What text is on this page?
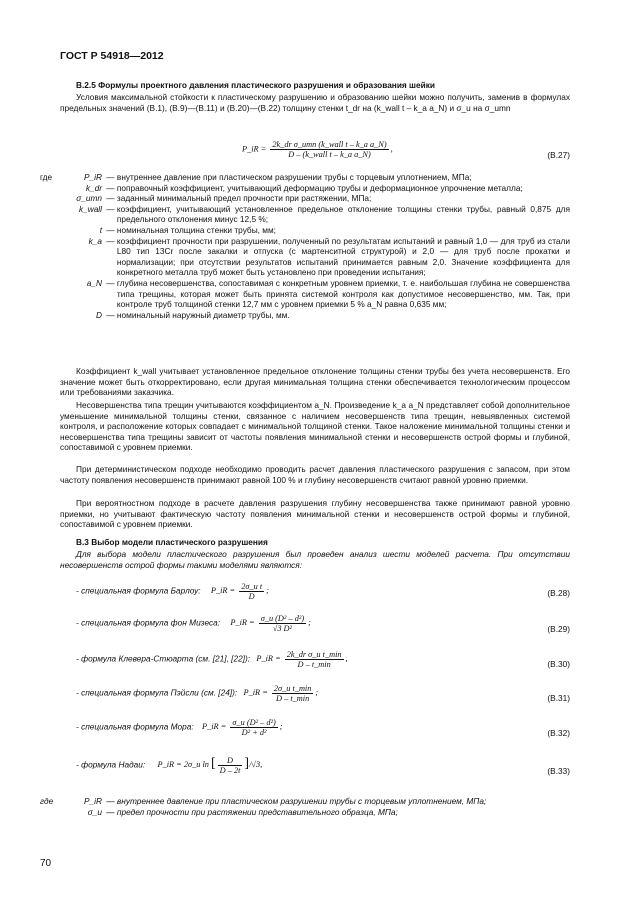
ГОСТ Р 54918—2012
В.2.5 Формулы проектного давления пластического разрушения и образования шейки
Условия максимальной стойкости к пластическому разрушению и образованию шейки можно получить, заменив в формулах предельных значений (В.1), (В.9)—(В.11) и (В.20)—(В.22) толщину стенки t_dr на (k_wall t – k_a a_N) и σ_u на σ_umn
P_iR = $\frac{\text{2k\_dr σ\_umn (k\_wall t – k\_a a\_N)}}{\text{D – (k\_wall t – k\_a a\_N)}}$ ,
(В.27)
где	P_iR — внутреннее давление при пластическом разрушении трубы с торцевым уплотнением, МПа;
k_dr — поправочный коэффициент, учитывающий деформацию трубы и деформационное упрочнение металла;
σ_umn — заданный минимальный предел прочности при растяжении, МПа;
k_wall — коэффициент, учитывающий установленное предельное отклонение толщины стенки трубы, равный 0,875 для предельного отклонения минус 12,5 %;
t — номинальная толщина стенки трубы, мм;
k_a — коэффициент прочности при разрушении, полученный по результатам испытаний и равный 1,0 — для труб из стали L80 тип 13Cr после закалки и отпуска (с мартенситной структурой) и 2,0 — для труб после прокатки и нормализации; при отсутствии результатов испытаний принимается равным 2,0. Значение коэффициента для конкретного металла труб может быть установлено при проведении испытания;
a_N — глубина несовершенства, сопоставимая с конкретным уровнем приемки, т. е. наибольшая глубина не совершенства типа трещины, которая может быть принята системой контроля как допустимое несовершенство, мм. Так, при контроле труб толщиной стенки 12,7 мм с уровнем приемки 5 % a_N равна 0,635 мм;
D — номинальный наружный диаметр трубы, мм.
Коэффициент k_wall учитывает установленное предельное отклонение толщины стенки трубы без учета несовершенств. Его значение может быть откорректировано, если другая минимальная толщина стенки обеспечивается технологическим процессом или требованиями заказчика.
Несовершенства типа трещин учитываются коэффициентом a_N. Произведение k_a a_N представляет собой дополнительное уменьшение минимальной толщины стенки, связанное с наличием несовершенств типа трещин, невыявленных системой контроля, и расположение которых совпадает с минимальной толщиной стенки. Такое наложение минимальной толщины стенки и несовершенства типа трещины зависит от частоты появления минимальной стенки и несовершенств острой формы и глубиной, сопоставимой с уровнем приемки.
При детерминистическом подходе необходимо проводить расчет давления пластического разрушения с запасом, при этом частоту появления несовершенств принимают равной 100 % и глубину несовершенств считают равной уровню приемки.
При вероятностном подходе в расчете давления разрушения глубину несовершенства также принимают равной уровню приемки, но учитывают фактическую частоту появления минимальной стенки и несовершенств острой формы и глубиной, сопоставимой с уровнем приемки.
В.3 Выбор модели пластического разрушения
Для выбора модели пластического разрушения был проведен анализ шести моделей расчета. При отсутствии несовершенств острой формы такими моделями являются:
- специальная формула Барлоу: P_iR = $\frac{\text{2σ\_u t}}{D}$ ;	(В.28)
- специальная формула фон Мизеса: P_iR = $\frac{\text{σ\_u (D² – d²)}}{\text{√3 D²}}$ ;
(В.29)
- формула Клеверa-Стюарта (см. [21], [22]): P_iR = $\frac{\text{2k\_dr σ\_u t\_min}}{D - t\_\min}$ ,
(В.30)
- специальная формула Пэйсли (см. [24]): P_iR = $\frac{\text{2σ\_u t\_min}}{D - t\_\min}$ ;
(В.31)
- специальная формула Мора: P_iR = $\frac{\text{σ\_u (D² – d²)}}{\text{D² + d²}}$ ;
(В.32)
- формула Надаи: P_iR = 2σ_u ln [ $\frac{D}{D - 2t} ]/√3$,
(В.33)
где	P_iR — внутреннее давление при пластическом разрушении трубы с торцевым уплотнением, МПа;
σ_u — предел прочности при растяжении представительного образца, МПа;
70
